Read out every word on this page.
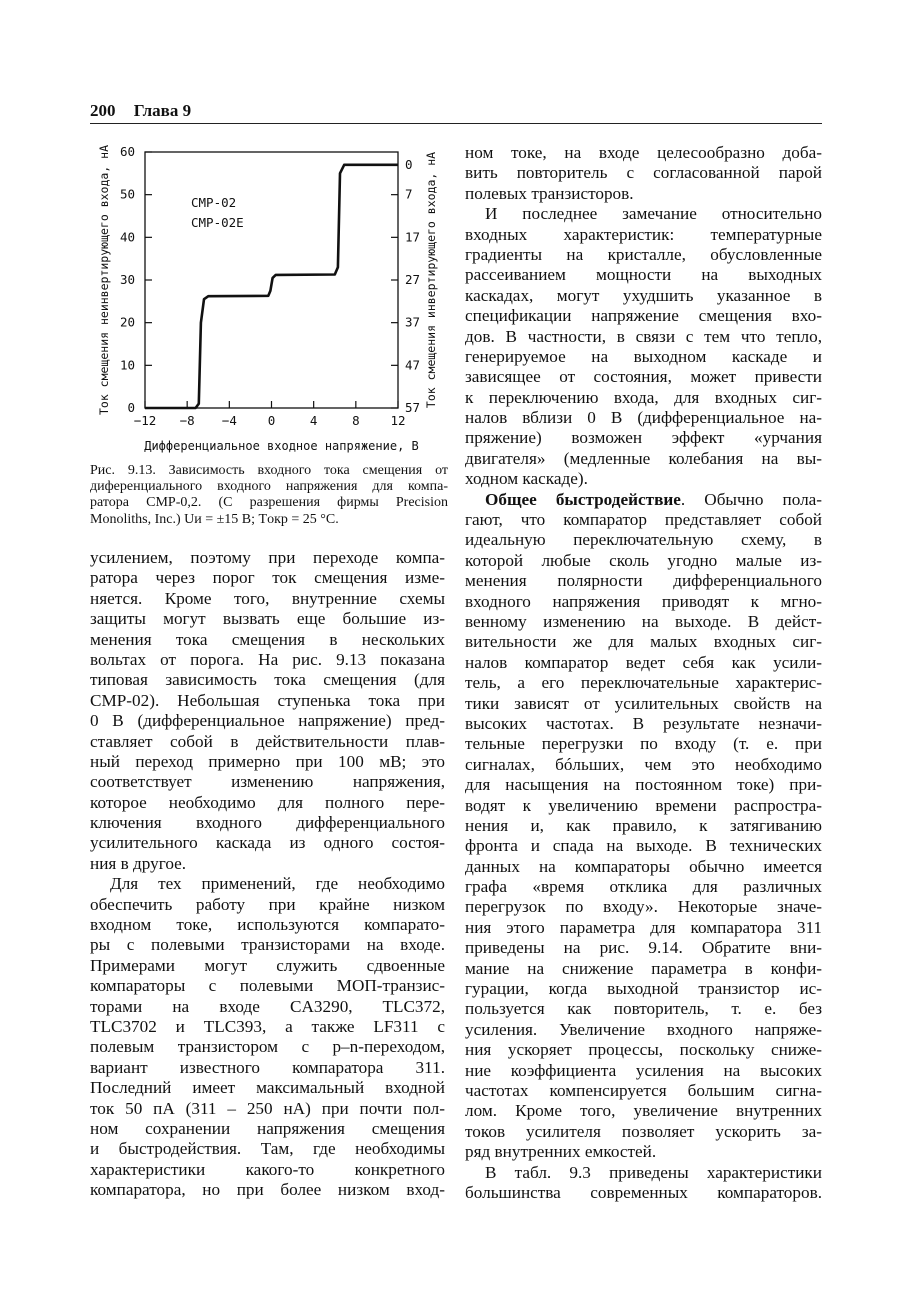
200 Глава 9
−12 −8 −4 0	4	8 12
0
10
20
30
40
50
60
0
7
17
27
37
47
57
CMP-02
CMP-02E
Дифференциальное входное напряжение, В
Ток смещения неинвертирующего входа, нА	Ток смещения инвертирующего входа, нА
Рис. 9.13. Зависимость входного тока смещения от
диференциального входного напряжения для компа-
ратора CMP-0,2. (С разрешения фирмы Precision
Monoliths, Inc.) Uи = ±15 В; Tокр = 25 °C.
усилением, поэтому при переходе компа-
ратора через порог ток смещения изме-
няется. Кроме того, внутренние схемы
защиты могут вызвать еще большие из-
менения тока смещения в нескольких
вольтах от порога. На рис. 9.13 показана
типовая зависимость тока смещения (для
CMP-02). Небольшая ступенька тока при
0 В (дифференциальное напряжение) пред-
ставляет собой в действительности плав-
ный переход примерно при 100 мВ; это
соответствует изменению напряжения,
которое необходимо для полного пере-
ключения входного дифференциального
усилительного каскада из одного состоя-
ния в другое.
Для тех применений, где необходимо
обеспечить работу при крайне низком
входном токе, используются компарато-
ры с полевыми транзисторами на входе.
Примерами могут служить сдвоенные
компараторы с полевыми МОП-транзис-
торами на входе CA3290, TLC372,
TLC3702 и TLC393, а также LF311 с
полевым транзистором с p–n-переходом,
вариант известного компаратора 311.
Последний имеет максимальный входной
ток 50 пА (311 – 250 нА) при почти пол-
ном сохранении напряжения смещения
и быстродействия. Там, где необходимы
характеристики какого-то конкретного
компаратора, но при более низком вход-
ном токе, на входе целесообразно доба-
вить повторитель с согласованной парой
полевых транзисторов.
И последнее замечание относительно
входных характеристик: температурные
градиенты на кристалле, обусловленные
рассеиванием мощности на выходных
каскадах, могут ухудшить указанное в
спецификации напряжение смещения вхо-
дов. В частности, в связи с тем что тепло,
генерируемое на выходном каскаде и
зависящее от состояния, может привести
к переключению входа, для входных сиг-
налов вблизи 0 В (дифференциальное на-
пряжение) возможен эффект «урчания
двигателя» (медленные колебания на вы-
ходном каскаде).
Общее быстродействие. Обычно пола-
гают, что компаратор представляет собой
идеальную переключательную схему, в
которой любые сколь угодно малые из-
менения полярности дифференциального
входного напряжения приводят к мгно-
венному изменению на выходе. В дейст-
вительности же для малых входных сиг-
налов компаратор ведет себя как усили-
тель, а его переключательные характерис-
тики зависят от усилительных свойств на
высоких частотах. В результате незначи-
тельные перегрузки по входу (т. е. при
сигналах, бóльших, чем это необходимо
для насыщения на постоянном токе) при-
водят к увеличению времени распростра-
нения и, как правило, к затягиванию
фронта и спада на выходе. В технических
данных на компараторы обычно имеется
графа «время отклика для различных
перегрузок по входу». Некоторые значе-
ния этого параметра для компаратора 311
приведены на рис. 9.14. Обратите вни-
мание на снижение параметра в конфи-
гурации, когда выходной транзистор ис-
пользуется как повторитель, т. е. без
усиления. Увеличение входного напряже-
ния ускоряет процессы, поскольку сниже-
ние коэффициента усиления на высоких
частотах компенсируется большим сигна-
лом. Кроме того, увеличение внутренних
токов усилителя позволяет ускорить за-
ряд внутренних емкостей.
В табл. 9.3 приведены характеристики
большинства современных компараторов.
